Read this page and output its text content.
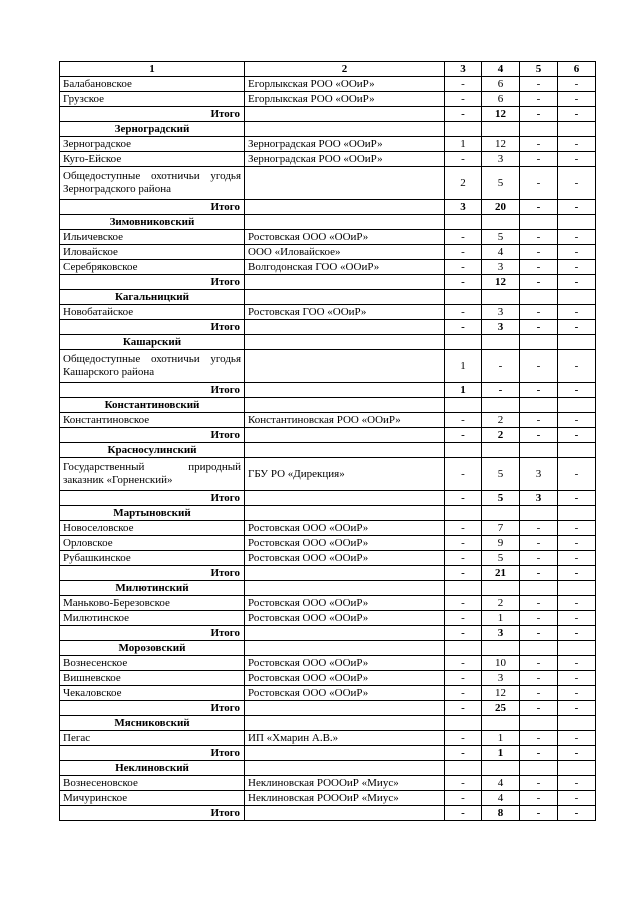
1	2	3	4	5	6
Балабановское	Егорлыкская РОО «ООиР»	-	6	-	-
Грузское	Егорлыкская РОО «ООиР»	-	6	-	-
Итого		-	12	-	-
Зерноградский					
Зерноградское	Зерноградская РОО «ООиР»	1	12	-	-
Куго-Ейское	Зерноградская РОО «ООиР»	-	3	-	-
Общедоступные охотничьи угодья Зерноградского района		2	5	-	-
Итого		3	20	-	-
Зимовниковский					
Ильичевское	Ростовская ООО «ООиР»	-	5	-	-
Иловайское	ООО «Иловайское»	-	4	-	-
Серебряковское	Волгодонская ГОО «ООиР»	-	3	-	-
Итого		-	12	-	-
Кагальницкий					
Новобатайское	Ростовская ГОО «ООиР»	-	3	-	-
Итого		-	3	-	-
Кашарский					
Общедоступные охотничьи угодья Кашарского района		1	-	-	-
Итого		1	-	-	-
Константиновский					
Константиновское	Константиновская РОО «ООиР»	-	2	-	-
Итого		-	2	-	-
Красносулинский					
Государственный природный заказник «Горненский»	ГБУ РО «Дирекция»	-	5	3	-
Итого		-	5	3	-
Мартыновский					
Новоселовское	Ростовская ООО «ООиР»	-	7	-	-
Орловское	Ростовская ООО «ООиР»	-	9	-	-
Рубашкинское	Ростовская ООО «ООиР»	-	5	-	-
Итого		-	21	-	-
Милютинский					
Маньково-Березовское	Ростовская ООО «ООиР»	-	2	-	-
Милютинское	Ростовская ООО «ООиР»	-	1	-	-
Итого		-	3	-	-
Морозовский					
Вознесенское	Ростовская ООО «ООиР»	-	10	-	-
Вишневское	Ростовская ООО «ООиР»	-	3	-	-
Чекаловское	Ростовская ООО «ООиР»	-	12	-	-
Итого		-	25	-	-
Мясниковский					
Пегас	ИП «Хмарин А.В.»	-	1	-	-
Итого		-	1	-	-
Неклиновский					
Вознесеновское	Неклиновская РОООиР «Миус»	-	4	-	-
Мичуринское	Неклиновская РОООиР «Миус»	-	4	-	-
Итого		-	8	-	-
